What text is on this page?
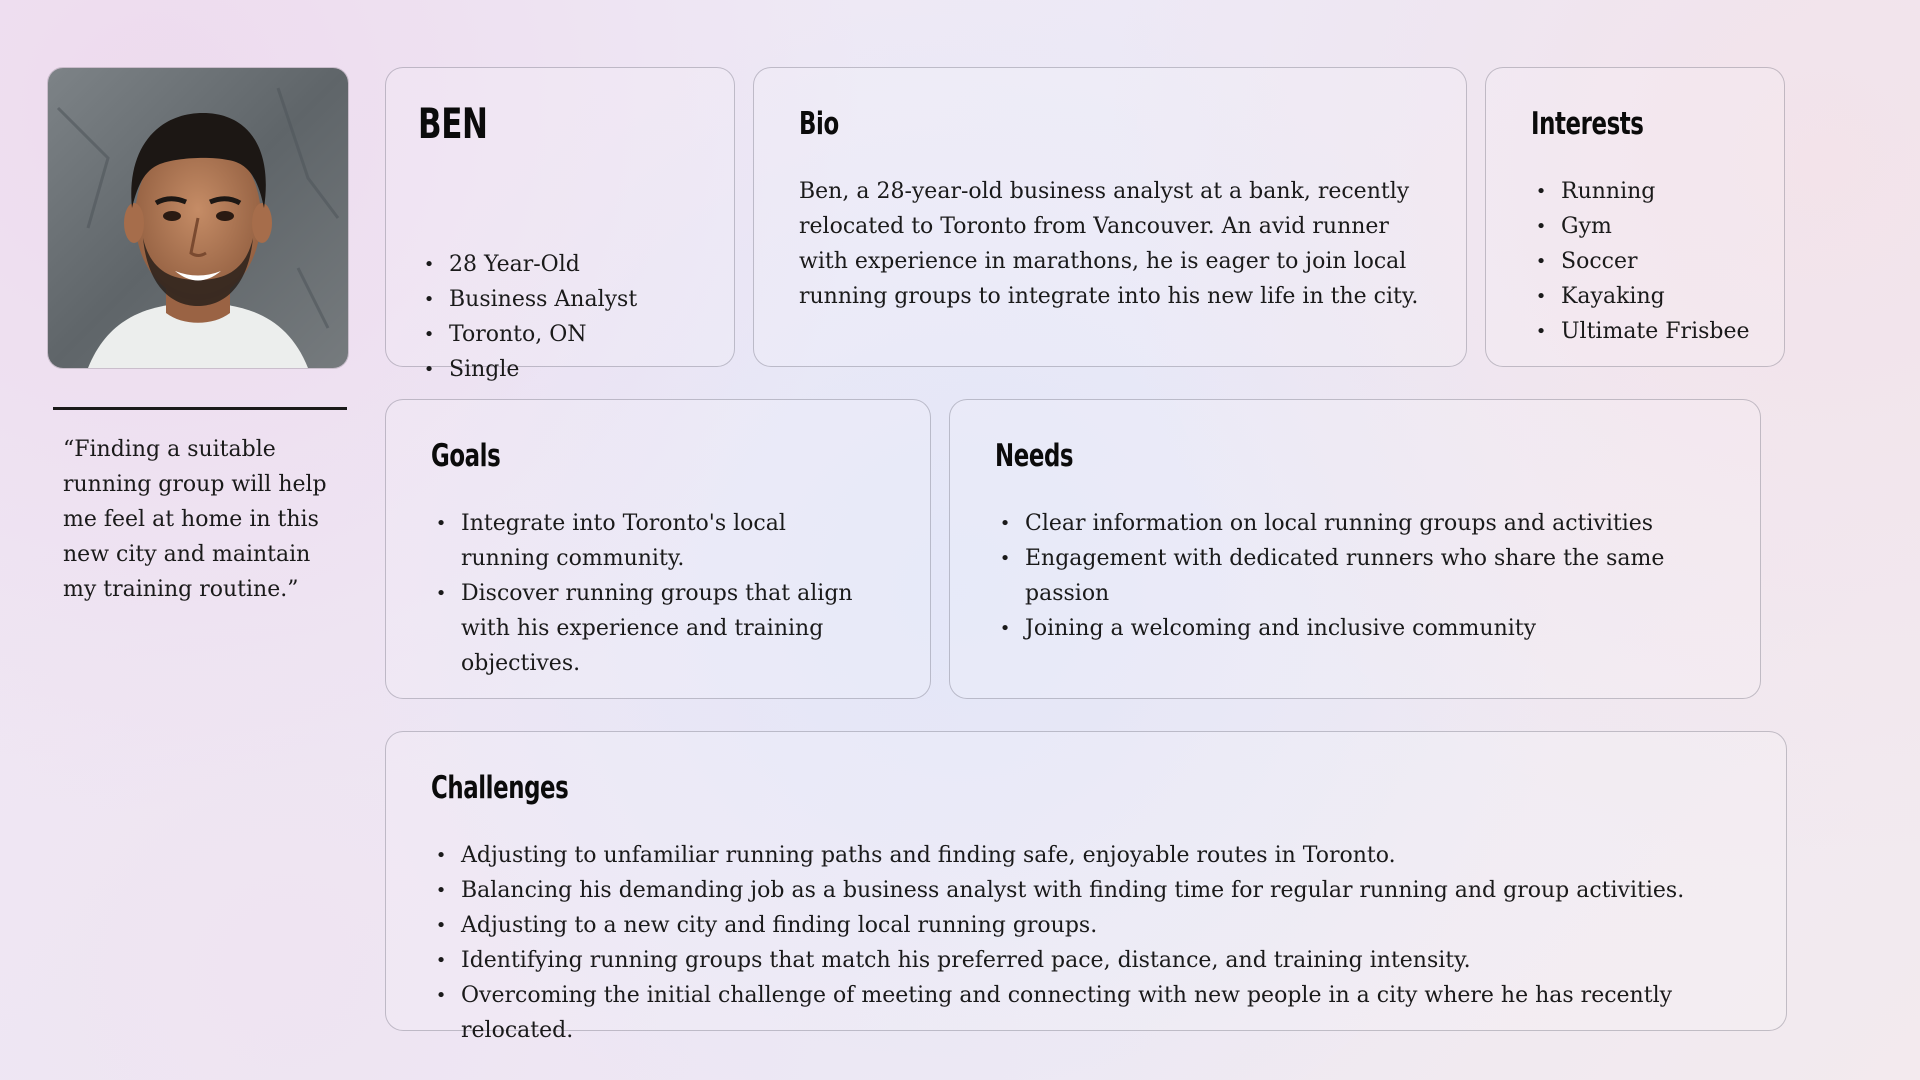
“Finding a suitable running group will help me feel at home in this new city and maintain my training routine.”

BEN
• 28 Year-Old
• Business Analyst
• Toronto, ON
• Single
Bio

Ben, a 28-year-old business analyst at a bank, recently relocated to Toronto from Vancouver. An avid runner with experience in marathons, he is eager to join local running groups to integrate into his new life in the city.

Interests
• Running
• Gym
• Soccer
• Kayaking
• Ultimate Frisbee
Goals
• Integrate into Toronto's local running community.
• Discover running groups that align with his experience and training objectives.
Needs
• Clear information on local running groups and activities
• Engagement with dedicated runners who share the same passion
• Joining a welcoming and inclusive community
Challenges
• Adjusting to unfamiliar running paths and finding safe, enjoyable routes in Toronto.
• Balancing his demanding job as a business analyst with finding time for regular running and group activities.
• Adjusting to a new city and finding local running groups.
• Identifying running groups that match his preferred pace, distance, and training intensity.
• Overcoming the initial challenge of meeting and connecting with new people in a city where he has recently relocated.
